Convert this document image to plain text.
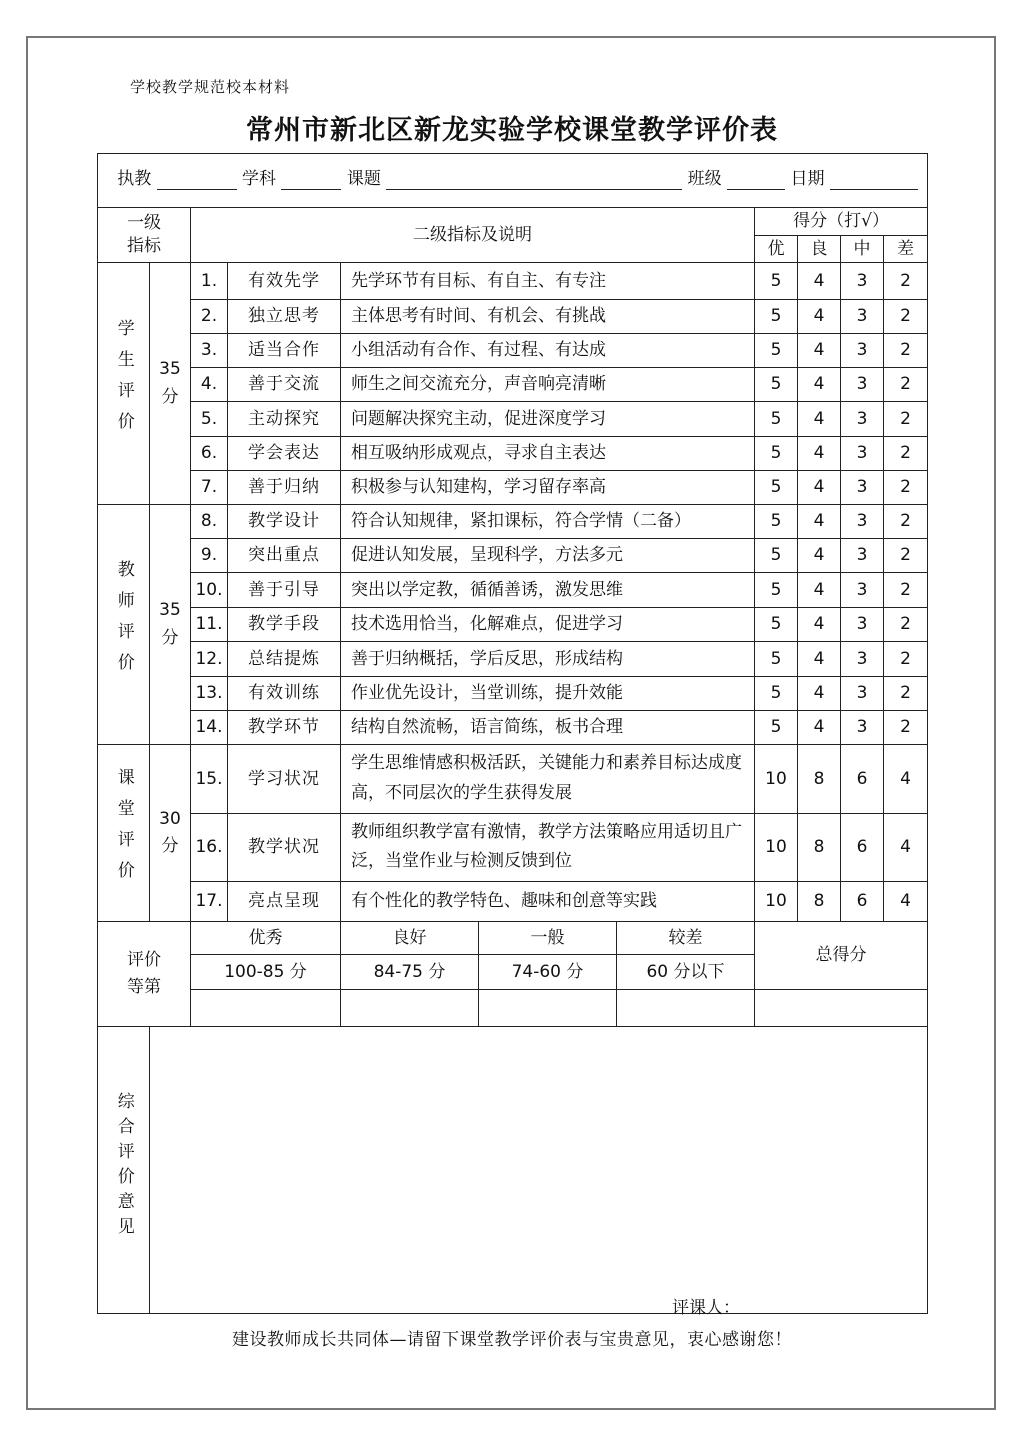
学校教学规范校本材料
常州市新北区新龙实验学校课堂教学评价表
执教 学科 课题 班级 日期										

一级
指标		二级指标及说明					得分（打√）			
							优	良	中	差
学生评价	35
分	1.	有效先学	先学环节有目标、有自主、有专注			5	4	3	2
		2.	独立思考	主体思考有时间、有机会、有挑战			5	4	3	2
		3.	适当合作	小组活动有合作、有过程、有达成			5	4	3	2
		4.	善于交流	师生之间交流充分，声音响亮清晰			5	4	3	2
		5.	主动探究	问题解决探究主动，促进深度学习			5	4	3	2
		6.	学会表达	相互吸纳形成观点，寻求自主表达			5	4	3	2
		7.	善于归纳	积极参与认知建构，学习留存率高			5	4	3	2
教师评价	35
分	8.	教学设计	符合认知规律，紧扣课标，符合学情（二备）			5	4	3	2
		9.	突出重点	促进认知发展，呈现科学，方法多元			5	4	3	2
		10.	善于引导	突出以学定教，循循善诱，激发思维			5	4	3	2
		11.	教学手段	技术选用恰当，化解难点，促进学习			5	4	3	2
		12.	总结提炼	善于归纳概括，学后反思，形成结构			5	4	3	2
		13.	有效训练	作业优先设计，当堂训练，提升效能			5	4	3	2
		14.	教学环节	结构自然流畅，语言简练，板书合理			5	4	3	2
课堂评价	30
分	15.	学习状况	学生思维情感积极活跃，关键能力和素养目标达成度高，不同层次的学生获得发展			10	8	6	4
		16.	教学状况	教师组织教学富有激情，教学方法策略应用适切且广泛，当堂作业与检测反馈到位			10	8	6	4
		17.	亮点呈现	有个性化的教学特色、趣味和创意等实践			10	8	6	4
评价
等第		优秀		良好	一般	较差	总得分			
		100-85 分		84-75 分	74-60 分	60 分以下				

综合评价意见										
评课人：
建设教师成长共同体—请留下课堂教学评价表与宝贵意见，衷心感谢您！
